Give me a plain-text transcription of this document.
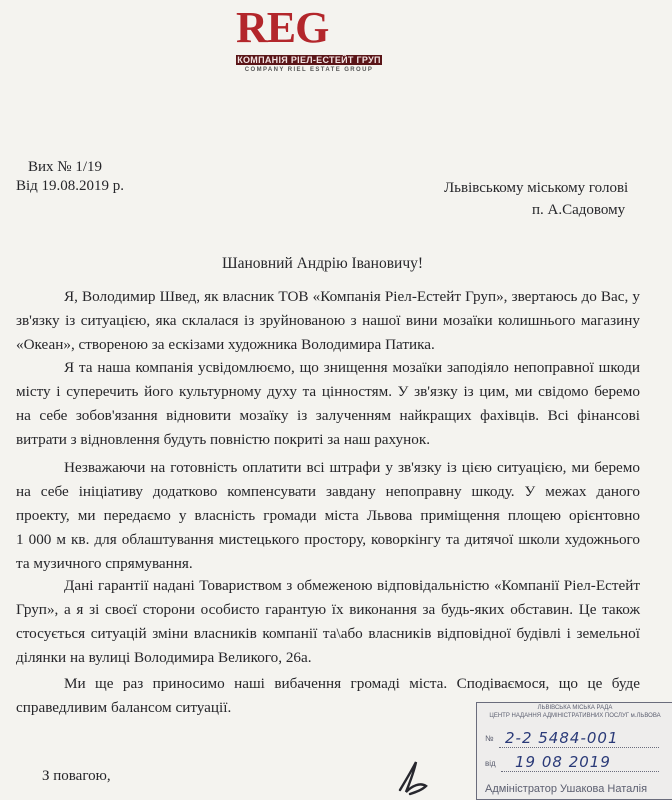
REG
КОМПАНІЯ РІЕЛ-ЕСТЕЙТ ГРУП
COMPANY RIEL ESTATE GROUP
Вих № 1/19
Від 19.08.2019 р.	Львівському міському голові
п. А.Садовому
Шановний Андрію Івановичу!
Я, Володимир Швед, як власник ТОВ «Компанія Ріел-Естейт Груп», звертаюсь до Вас, у
зв'язку із ситуацією, яка склалася із зруйнованою з нашої вини мозаїки колишнього магазину
«Океан», створеною за ескізами художника Володимира Патика.
Я та наша компанія усвідомлюємо, що знищення мозаїки заподіяло непоправної шкоди
місту і суперечить його культурному духу та цінностям. У зв'язку із цим, ми свідомо беремо
на себе зобов'язання відновити мозаїку із залученням найкращих фахівців. Всі фінансові
витрати з відновлення будуть повністю покриті за наш рахунок.
Незважаючи на готовність оплатити всі штрафи у зв'язку із цією ситуацією, ми беремо
на себе ініціативу додатково компенсувати завдану непоправну шкоду. У межах даного
проекту, ми передаємо у власність громади міста Львова приміщення площею орієнтовно
1 000 м кв. для облаштування мистецького простору, коворкінгу та дитячої школи художнього
та музичного спрямування.
Дані гарантії надані Товариством з обмеженою відповідальністю «Компанії Ріел-Естейт
Груп», а я зі своєї сторони особисто гарантую їх виконання за будь-яких обставин. Це також
стосується ситуацій зміни власників компанії та\або власників відповідної будівлі і земельної
ділянки на вулиці Володимира Великого, 26а.
Ми ще раз приносимо наші вибачення громаді міста. Сподіваємося, що це буде
справедливим балансом ситуації.
З повагою,
ЛЬВІВСЬКА МІСЬКА РАДА
ЦЕНТР НАДАННЯ АДМІНІСТРАТИВНИХ ПОСЛУГ м.ЛЬВОВА
№ 2-2 5484-001
від 19 08 2019
Адміністратор Ушакова Наталія
